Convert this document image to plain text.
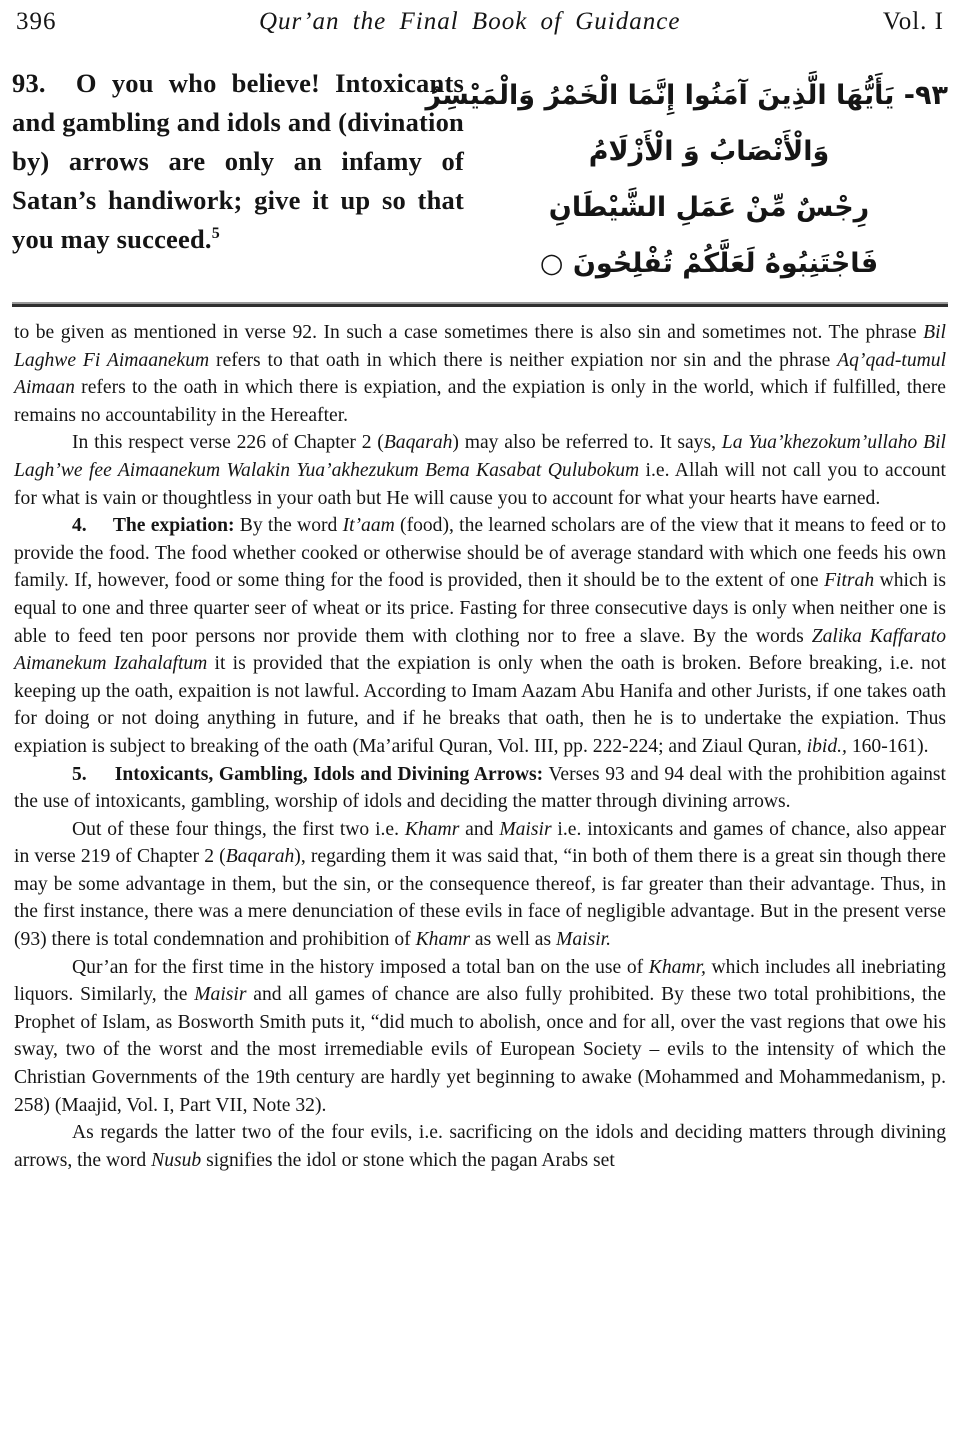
396	Qur’an the Final Book of Guidance	Vol. I
93.  O you who believe! Intoxicants and gambling and idols and (divination by) arrows are only an infamy of Satan’s handiwork; give it up so that you may succeed.$^5$
۹۳- يَأَيُّهَا الَّذِينَ آمَنُوا إِنَّمَا الْخَمْرُ وَالْمَيْسِرُ
وَالْأَنْصَابُ وَ الْأَزْلَامُ
رِجْسٌ مِّنْ عَمَلِ الشَّيْطَانِ
فَاجْتَنِبُوهُ لَعَلَّكُمْ تُفْلِحُونَ ○

to be given as mentioned in verse 92. In such a case sometimes there is also sin and sometimes not. The phrase Bil Laghwe Fi Aimaanekum refers to that oath in which there is neither expiation nor sin and the phrase Aq’qad-tumul Aimaan refers to the oath in which there is expiation, and the expiation is only in the world, which if fulfilled, there remains no accountability in the Hereafter.

In this respect verse 226 of Chapter 2 (Baqarah) may also be referred to. It says, La Yua’khezokum’ullaho Bil Lagh’we fee Aimaanekum Walakin Yua’akhezukum Bema Kasabat Qulubokum i.e. Allah will not call you to account for what is vain or thoughtless in your oath but He will cause you to account for what your hearts have earned.

4.     The expiation: By the word It’aam (food), the learned scholars are of the view that it means to feed or to provide the food. The food whether cooked or otherwise should be of average standard with which one feeds his own family. If, however, food or some thing for the food is provided, then it should be to the extent of one Fitrah which is equal to one and three quarter seer of wheat or its price. Fasting for three consecutive days is only when neither one is able to feed ten poor persons nor provide them with clothing nor to free a slave. By the words Zalika Kaffarato Aimanekum Izahalaftum it is provided that the expiation is only when the oath is broken. Before breaking, i.e. not keeping up the oath, expaition is not lawful. According to Imam Aazam Abu Hanifa and other Jurists, if one takes oath for doing or not doing anything in future, and if he breaks that oath, then he is to undertake the expiation. Thus expiation is subject to breaking of the oath (Ma’ariful Quran, Vol. III, pp. 222-224; and Ziaul Quran, ibid., 160-161).

5.     Intoxicants, Gambling, Idols and Divining Arrows: Verses 93 and 94 deal with the prohibition against the use of intoxicants, gambling, worship of idols and deciding the matter through divining arrows.

Out of these four things, the first two i.e. Khamr and Maisir i.e. intoxicants and games of chance, also appear in verse 219 of Chapter 2 (Baqarah), regarding them it was said that, “in both of them there is a great sin though there may be some advantage in them, but the sin, or the consequence thereof, is far greater than their advantage. Thus, in the first instance, there was a mere denunciation of these evils in face of negligible advantage. But in the present verse (93) there is total condemnation and prohibition of Khamr as well as Maisir.

Qur’an for the first time in the history imposed a total ban on the use of Khamr, which includes all inebriating liquors. Similarly, the Maisir and all games of chance are also fully prohibited. By these two total prohibitions, the Prophet of Islam, as Bosworth Smith puts it, “did much to abolish, once and for all, over the vast regions that owe his sway, two of the worst and the most irremediable evils of European Society – evils to the intensity of which the Christian Governments of the 19th century are hardly yet beginning to awake (Mohammed and Mohammedanism, p. 258) (Maajid, Vol. I, Part VII, Note 32).

As regards the latter two of the four evils, i.e. sacrificing on the idols and deciding matters through divining arrows, the word Nusub signifies the idol or stone which the pagan Arabs set
